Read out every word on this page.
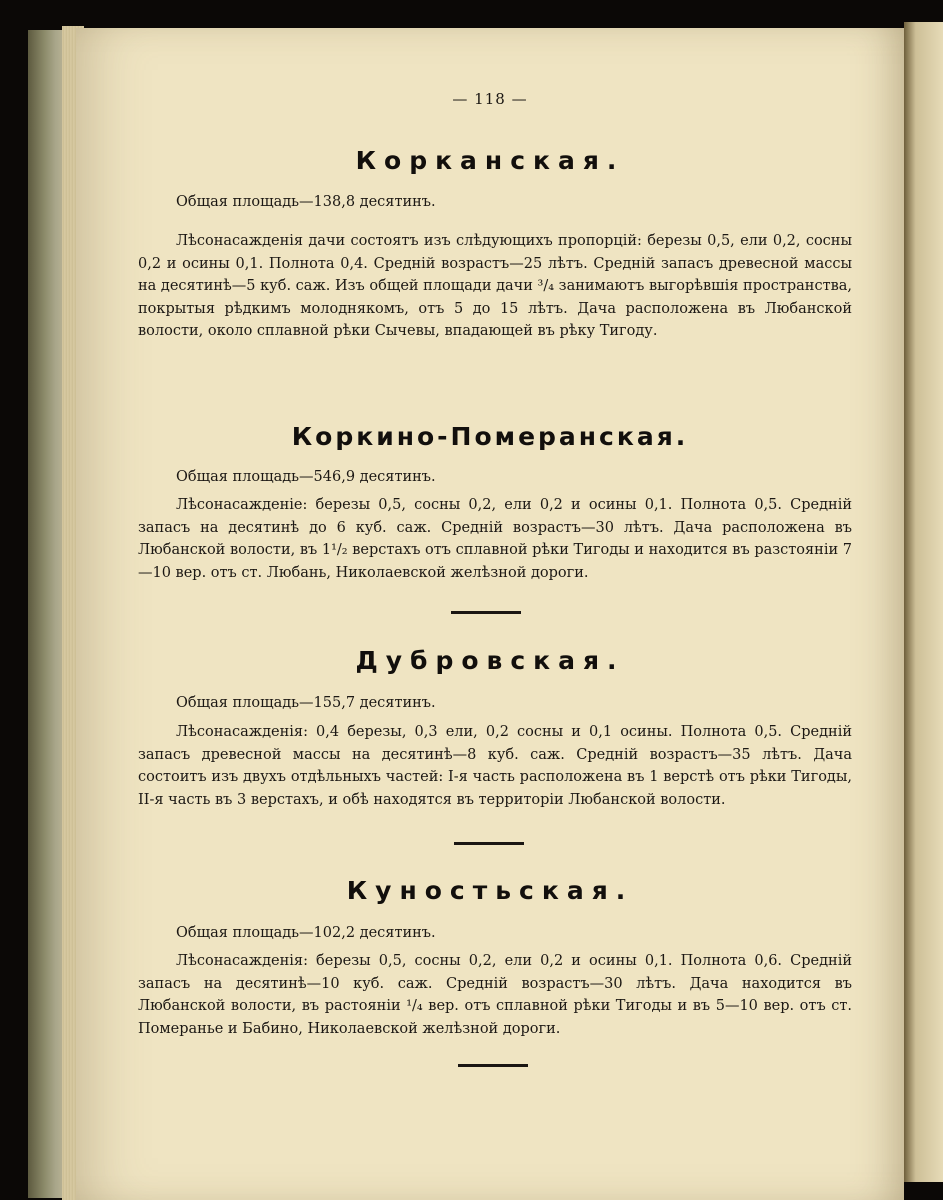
— 118 —
Корканская.
Общая площадь—138,8 десятинъ.

Лѣсонасажденія дачи состоятъ изъ слѣдующихъ пропорцій: березы 0,5, ели 0,2, сосны 0,2 и осины 0,1. Полнота 0,4. Средній возрастъ—25 лѣтъ. Средній запасъ древесной массы на десятинѣ—5 куб. саж. Изъ общей площади дачи ³/₄ занимаютъ выгорѣвшія пространства, покрытыя рѣдкимъ молоднякомъ, отъ 5 до 15 лѣтъ. Дача расположена въ Любанской волости, около сплавной рѣки Сычевы, впадающей въ рѣку Тигоду.

Коркино-Померанская.
Общая площадь—546,9 десятинъ.

Лѣсонасажденіе: березы 0,5, сосны 0,2, ели 0,2 и осины 0,1. Полнота 0,5. Средній запасъ на десятинѣ до 6 куб. саж. Средній возрастъ—30 лѣтъ. Дача расположена въ Любанской волости, въ 1¹/₂ верстахъ отъ сплавной рѣки Тигоды и находится въ разстояніи 7—10 вер. отъ ст. Любань, Николаевской желѣзной дороги.

Дубровская.
Общая площадь—155,7 десятинъ.

Лѣсонасажденія: 0,4 березы, 0,3 ели, 0,2 сосны и 0,1 осины. Полнота 0,5. Средній запасъ древесной массы на десятинѣ—8 куб. саж. Средній возрастъ—35 лѣтъ. Дача состоитъ изъ двухъ отдѣльныхъ частей: I-я часть расположена въ 1 верстѣ отъ рѣки Тигоды, II-я часть въ 3 верстахъ, и обѣ находятся въ территоріи Любанской волости.

Куностьская.
Общая площадь—102,2 десятинъ.

Лѣсонасажденія: березы 0,5, сосны 0,2, ели 0,2 и осины 0,1. Полнота 0,6. Средній запасъ на десятинѣ—10 куб. саж. Средній возрастъ—30 лѣтъ. Дача находится въ Любанской волости, въ растояніи ¹/₄ вер. отъ сплавной рѣки Тигоды и въ 5—10 вер. отъ ст. Померанье и Бабино, Николаевской желѣзной дороги.
